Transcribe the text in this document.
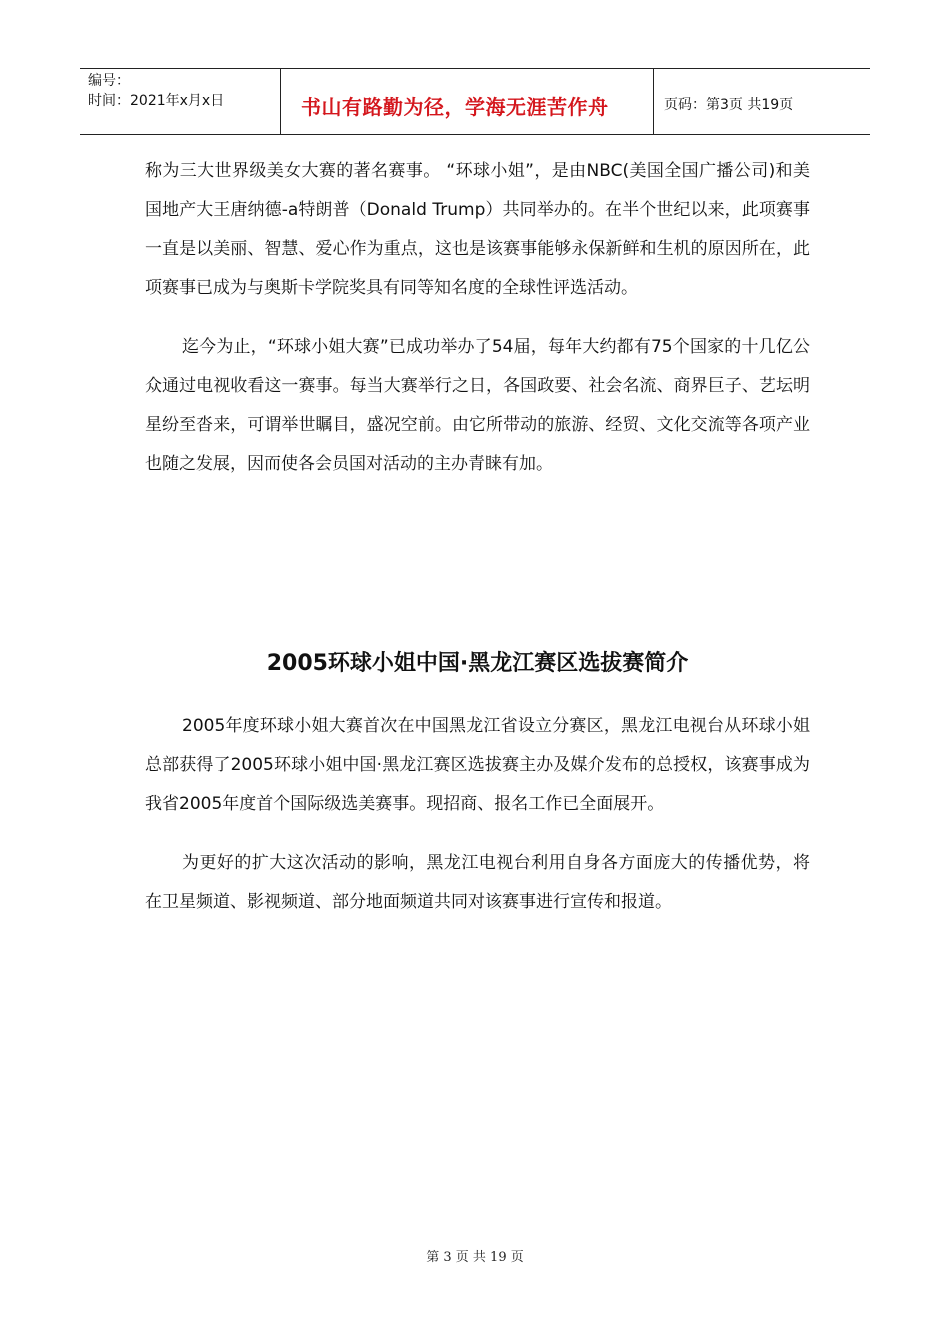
编号：
时间：2021年x月x日	书山有路勤为径，学海无涯苦作舟	页码：第3页 共19页

称为三大世界级美女大赛的著名赛事。 “环球小姐”，是由NBC(美国全国广播公司)和美国地产大王唐纳德-a特朗普（Donald Trump）共同举办的。在半个世纪以来，此项赛事一直是以美丽、智慧、爱心作为重点，这也是该赛事能够永保新鲜和生机的原因所在，此项赛事已成为与奥斯卡学院奖具有同等知名度的全球性评选活动。

迄今为止，“环球小姐大赛”已成功举办了54届，每年大约都有75个国家的十几亿公众通过电视收看这一赛事。每当大赛举行之日，各国政要、社会名流、商界巨子、艺坛明星纷至沓来，可谓举世瞩目，盛况空前。由它所带动的旅游、经贸、文化交流等各项产业也随之发展，因而使各会员国对活动的主办青睐有加。

2005环球小姐中国·黑龙江赛区选拔赛简介

2005年度环球小姐大赛首次在中国黑龙江省设立分赛区，黑龙江电视台从环球小姐总部获得了2005环球小姐中国·黑龙江赛区选拔赛主办及媒介发布的总授权，该赛事成为我省2005年度首个国际级选美赛事。现招商、报名工作已全面展开。

为更好的扩大这次活动的影响，黑龙江电视台利用自身各方面庞大的传播优势，将在卫星频道、影视频道、部分地面频道共同对该赛事进行宣传和报道。

第 3 页 共 19 页
